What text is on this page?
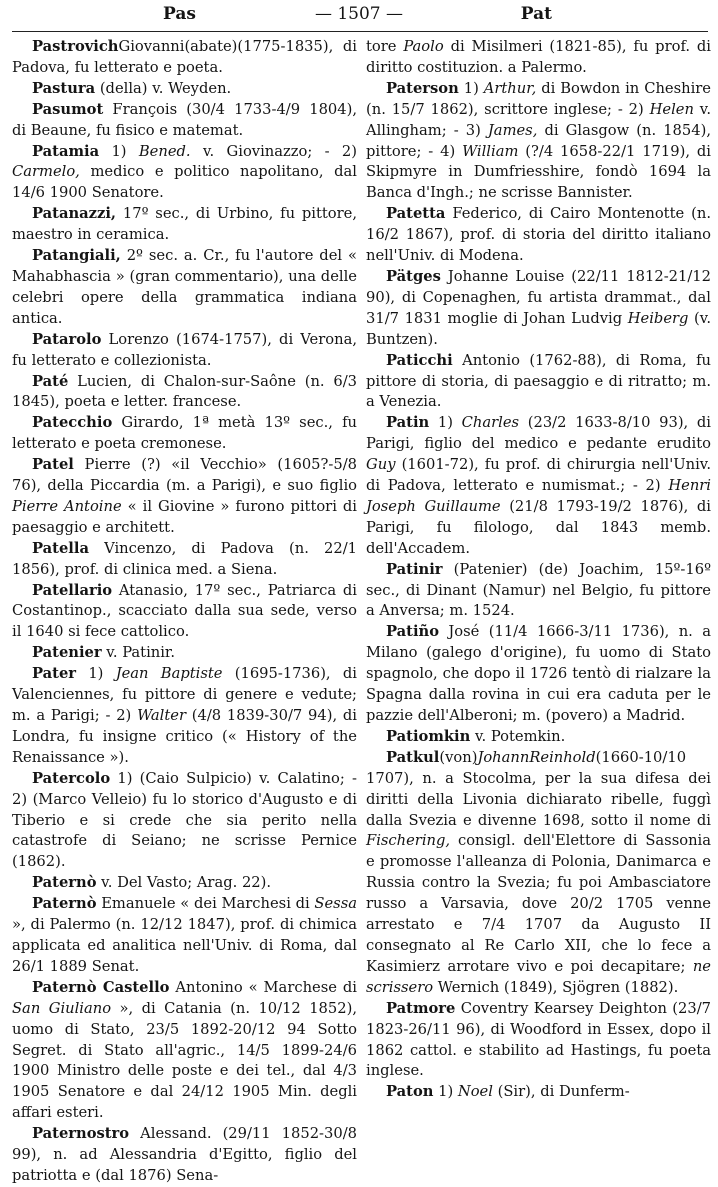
Pas	— 1507 —	Pat

PastrovichGiovanni(abate)(1775-1835), di Padova, fu letterato e poeta.

Pastura (della) v. Weyden.

Pasumot François (30/4 1733-4/9 1804), di Beaune, fu fisico e matemat.

Patamia 1) Bened. v. Giovinazzo; - 2) Carmelo, medico e politico napolitano, dal 14/6 1900 Senatore.

Patanazzi, 17º sec., di Urbino, fu pittore, maestro in ceramica.

Patangiali, 2º sec. a. Cr., fu l'autore del « Mahabhascia » (gran commentario), una delle celebri opere della grammatica indiana antica.

Patarolo Lorenzo (1674-1757), di Verona, fu letterato e collezionista.

Paté Lucien, di Chalon-sur-Saône (n. 6/3 1845), poeta e letter. francese.

Patecchio Girardo, 1ª metà 13º sec., fu letterato e poeta cremonese.

Patel Pierre (?) «il Vecchio» (1605?-5/8 76), della Piccardia (m. a Parigi), e suo figlio Pierre Antoine « il Giovine » furono pittori di paesaggio e architett.

Patella Vincenzo, di Padova (n. 22/1 1856), prof. di clinica med. a Siena.

Patellario Atanasio, 17º sec., Patriarca di Costantinop., scacciato dalla sua sede, verso il 1640 si fece cattolico.

Patenier v. Patinir.

Pater 1) Jean Baptiste (1695-1736), di Valenciennes, fu pittore di genere e vedute; m. a Parigi; - 2) Walter (4/8 1839-30/7 94), di Londra, fu insigne critico (« History of the Renaissance »).

Patercolo 1) (Caio Sulpicio) v. Calatino; - 2) (Marco Velleio) fu lo storico d'Augusto e di Tiberio e si crede che sia perito nella catastrofe di Seiano; ne scrisse Pernice (1862).

Paternò v. Del Vasto; Arag. 22).

Paternò Emanuele « dei Marchesi di Sessa », di Palermo (n. 12/12 1847), prof. di chimica applicata ed analitica nell'Univ. di Roma, dal 26/1 1889 Senat.

Paternò Castello Antonino « Marchese di San Giuliano », di Catania (n. 10/12 1852), uomo di Stato, 23/5 1892-20/12 94 Sotto Segret. di Stato all'agric., 14/5 1899-24/6 1900 Ministro delle poste e dei tel., dal 4/3 1905 Senatore e dal 24/12 1905 Min. degli affari esteri.

Paternostro Alessand. (29/11 1852-30/8 99), n. ad Alessandria d'Egitto, figlio del patriotta e (dal 1876) Sena-

tore Paolo di Misilmeri (1821-85), fu prof. di diritto costituzion. a Palermo.

Paterson 1) Arthur, di Bowdon in Cheshire (n. 15/7 1862), scrittore inglese; - 2) Helen v. Allingham; - 3) James, di Glasgow (n. 1854), pittore; - 4) William (?/4 1658-22/1 1719), di Skipmyre in Dumfriesshire, fondò 1694 la Banca d'Ingh.; ne scrisse Bannister.

Patetta Federico, di Cairo Montenotte (n. 16/2 1867), prof. di storia del diritto italiano nell'Univ. di Modena.

Pätges Johanne Louise (22/11 1812-21/12 90), di Copenaghen, fu artista drammat., dal 31/7 1831 moglie di Johan Ludvig Heiberg (v. Buntzen).

Paticchi Antonio (1762-88), di Roma, fu pittore di storia, di paesaggio e di ritratto; m. a Venezia.

Patin 1) Charles (23/2 1633-8/10 93), di Parigi, figlio del medico e pedante erudito Guy (1601-72), fu prof. di chirurgia nell'Univ. di Padova, letterato e numismat.; - 2) Henri Joseph Guillaume (21/8 1793-19/2 1876), di Parigi, fu filologo, dal 1843 memb. dell'Accadem.

Patinir (Patenier) (de) Joachim, 15º-16º sec., di Dinant (Namur) nel Belgio, fu pittore a Anversa; m. 1524.

Patiño José (11/4 1666-3/11 1736), n. a Milano (galego d'origine), fu uomo di Stato spagnolo, che dopo il 1726 tentò di rialzare la Spagna dalla rovina in cui era caduta per le pazzie dell'Alberoni; m. (povero) a Madrid.

Patiomkin v. Potemkin.

Patkul(von)JohannReinhold(1660-10/10 1707), n. a Stocolma, per la sua difesa dei diritti della Livonia dichiarato ribelle, fuggì dalla Svezia e divenne 1698, sotto il nome di Fischering, consigl. dell'Elettore di Sassonia e promosse l'alleanza di Polonia, Danimarca e Russia contro la Svezia; fu poi Ambasciatore russo a Varsavia, dove 20/2 1705 venne arrestato e 7/4 1707 da Augusto II consegnato al Re Carlo XII, che lo fece a Kasimierz arrotare vivo e poi decapitare; ne scrissero Wernich (1849), Sjögren (1882).

Patmore Coventry Kearsey Deighton (23/7 1823-26/11 96), di Woodford in Essex, dopo il 1862 cattol. e stabilito ad Hastings, fu poeta inglese.

Paton 1) Noel (Sir), di Dunferm-
